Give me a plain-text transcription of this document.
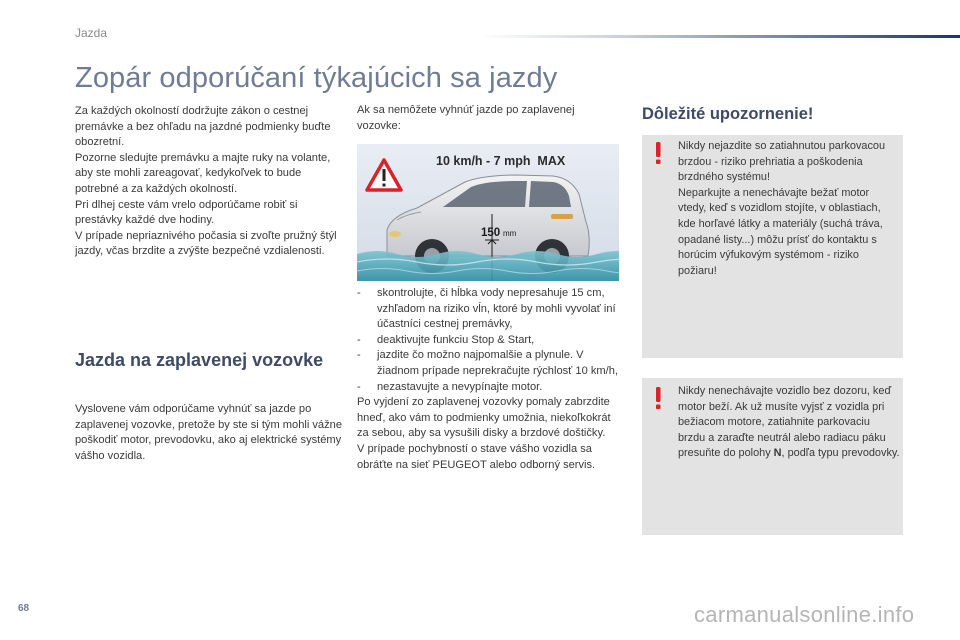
Jazda
Zopár odporúčaní týkajúcich sa jazdy

Za každých okolností dodržujte zákon o cestnej premávke a bez ohľadu na jazdné podmienky buďte obozretní.

Pozorne sledujte premávku a majte ruky na volante, aby ste mohli zareagovať, kedykoľvek to bude potrebné a za každých okolností.

Pri dlhej ceste vám vrelo odporúčame robiť si prestávky každé dve hodiny.

V prípade nepriaznivého počasia si zvoľte pružný štýl jazdy, včas brzdite a zvýšte bezpečné vzdialenosti.

Jazda na zaplavenej vozovke
Vyslovene vám odporúčame vyhnúť sa jazde po zaplavenej vozovke, pretože by ste si tým mohli vážne poškodiť motor, prevodovku, ako aj elektrické systémy vášho vozidla.
Ak sa nemôžete vyhnúť jazde po zaplavenej vozovke:
10 km/h - 7 mph  MAX
150 mm
- skontrolujte, či hĺbka vody nepresahuje 15 cm, vzhľadom na riziko vĺn, ktoré by mohli vyvolať iní účastníci cestnej premávky,
- deaktivujte funkciu Stop & Start,
- jazdite čo možno najpomalšie a plynule. V žiadnom prípade neprekračujte rýchlosť 10 km/h,
- nezastavujte a nevypínajte motor.

Po vyjdení zo zaplavenej vozovky pomaly zabrzdite hneď, ako vám to podmienky umožnia, niekoľkokrát za sebou, aby sa vysušili disky a brzdové doštičky.

V prípade pochybností o stave vášho vozidla sa obráťte na sieť PEUGEOT alebo odborný servis.

Dôležité upozornenie!

Nikdy nejazdite so zatiahnutou parkovacou brzdou - riziko prehriatia a poškodenia brzdného systému!

Neparkujte a nenechávajte bežať motor vtedy, keď s vozidlom stojíte, v oblastiach, kde horľavé látky a materiály (suchá tráva, opadané listy...) môžu prísť do kontaktu s horúcim výfukovým systémom - riziko požiaru!

Nikdy nenechávajte vozidlo bez dozoru, keď motor beží. Ak už musíte vyjsť z vozidla pri bežiacom motore, zatiahnite parkovaciu brzdu a zaraďte neutrál alebo radiacu páku presuňte do polohy N, podľa typu prevodovky.
68	carmanualsonline.info
